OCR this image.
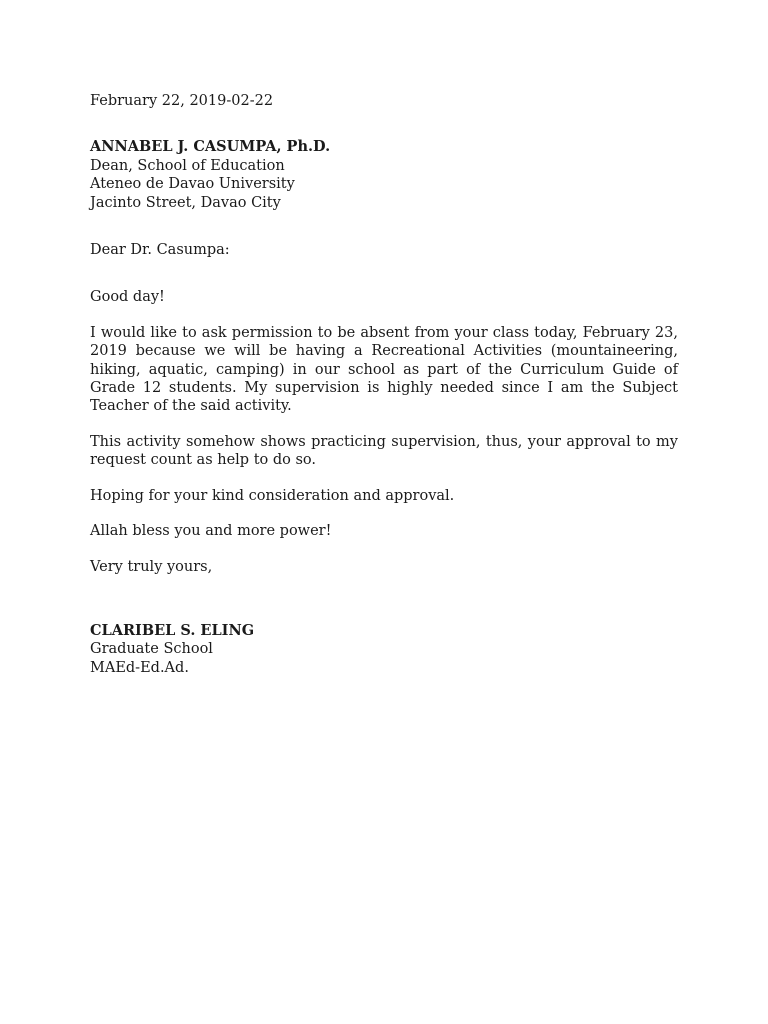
February 22, 2019-02-22
ANNABEL J. CASUMPA, Ph.D.
Dean, School of Education
Ateneo de Davao University
Jacinto Street, Davao City
Dear Dr. Casumpa:
Good day!
I would like to ask permission to be absent from your class today, February 23, 2019 because we will be having a Recreational Activities (mountaineering, hiking, aquatic, camping) in our school as part of the Curriculum Guide of Grade 12 students. My supervision is highly needed since I am the Subject Teacher of the said activity.
This activity somehow shows practicing supervision, thus, your approval to my request count as help to do so.
Hoping for your kind consideration and approval.
Allah bless you and more power!
Very truly yours,
CLARIBEL S. ELING
Graduate School
MAEd-Ed.Ad.
